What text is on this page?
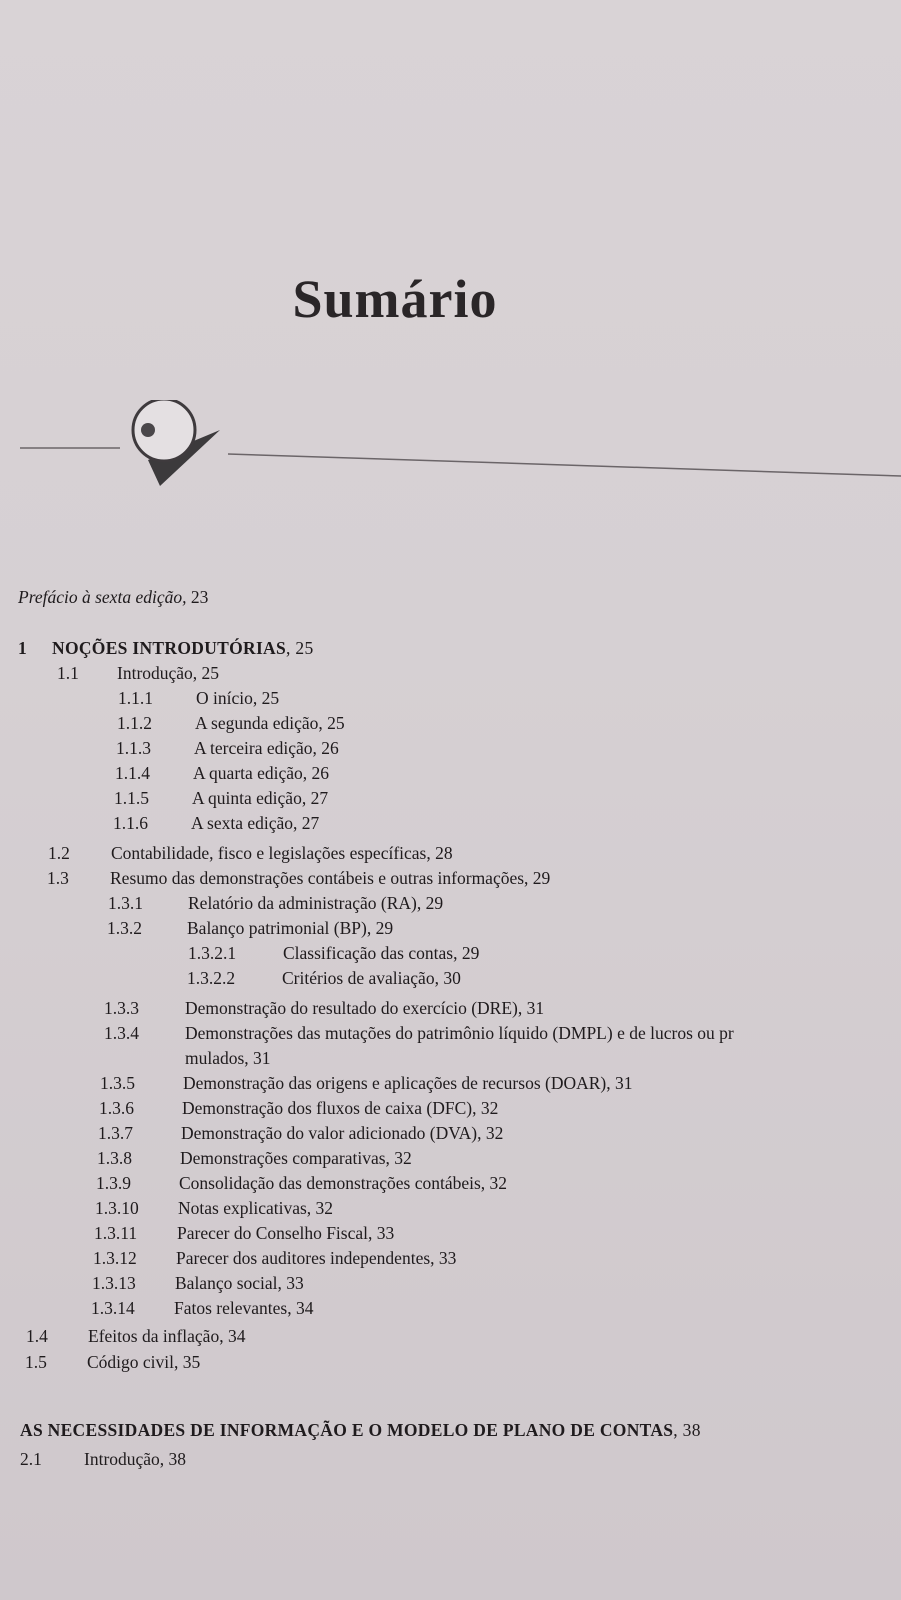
Sumário
Prefácio à sexta edição, 23
1 NOÇÕES INTRODUTÓRIAS, 25
1.1 Introdução, 25
1.1.1 O início, 25
1.1.2 A segunda edição, 25
1.1.3 A terceira edição, 26
1.1.4 A quarta edição, 26
1.1.5 A quinta edição, 27
1.1.6 A sexta edição, 27
1.2 Contabilidade, fisco e legislações específicas, 28
1.3 Resumo das demonstrações contábeis e outras informações, 29
1.3.1	Relatório da administração (RA), 29
1.3.2	Balanço patrimonial (BP), 29
1.3.2.1	Classificação das contas, 29
1.3.2.2	Critérios de avaliação, 30
1.3.3	Demonstração do resultado do exercício (DRE), 31
1.3.4	Demonstrações das mutações do patrimônio líquido (DMPL) e de lucros ou pr
mulados, 31
1.3.5	Demonstração das origens e aplicações de recursos (DOAR), 31
1.3.6	Demonstração dos fluxos de caixa (DFC), 32
1.3.7	Demonstração do valor adicionado (DVA), 32
1.3.8	Demonstrações comparativas, 32
1.3.9	Consolidação das demonstrações contábeis, 32
1.3.10 Notas explicativas, 32
1.3.11 Parecer do Conselho Fiscal, 33
1.3.12 Parecer dos auditores independentes, 33
1.3.13 Balanço social, 33
1.3.14 Fatos relevantes, 34
1.4 Efeitos da inflação, 34
1.5 Código civil, 35
AS NECESSIDADES DE INFORMAÇÃO E O MODELO DE PLANO DE CONTAS, 38
2.1 Introdução, 38
